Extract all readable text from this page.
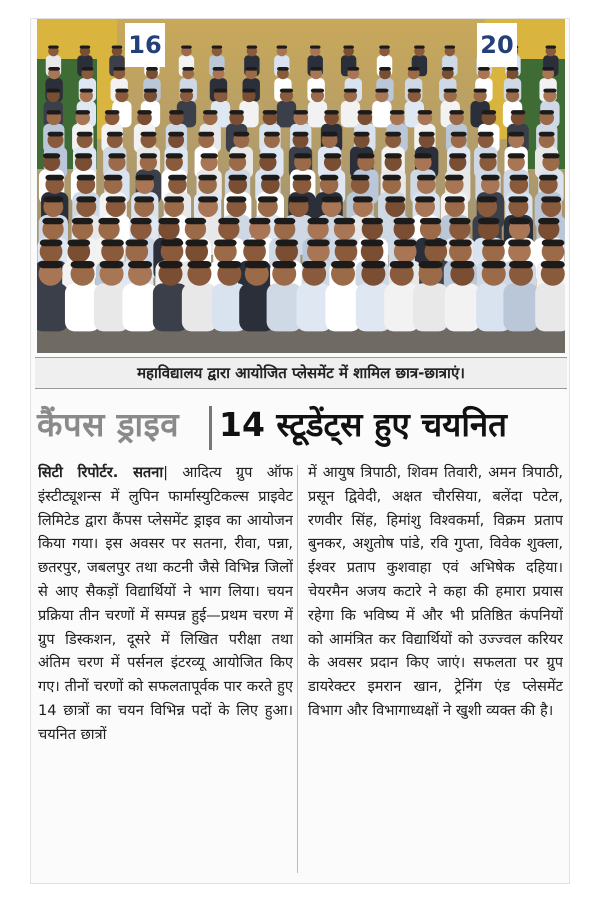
16	20
महाविद्यालय द्वारा आयोजित प्लेसमेंट में शामिल छात्र-छात्राएं।
कैंपस ड्राइव 14 स्टूडेंट्स हुए चयनित
सिटी रिपोर्टर. सतना| आदित्य ग्रुप ऑफ इंस्टीट्यूशन्स में लुपिन फार्मास्युटिकल्स प्राइवेट लिमिटेड द्वारा कैंपस प्लेसमेंट ड्राइव का आयोजन किया गया। इस अवसर पर सतना, रीवा, पन्ना, छतरपुर, जबलपुर तथा कटनी जैसे विभिन्न जिलों से आए सैकड़ों विद्यार्थियों ने भाग लिया। चयन प्रक्रिया तीन चरणों में सम्पन्न हुई—प्रथम चरण में ग्रुप डिस्कशन, दूसरे में लिखित परीक्षा तथा अंतिम चरण में पर्सनल इंटरव्यू आयोजित किए गए। तीनों चरणों को सफलतापूर्वक पार करते हुए 14 छात्रों का चयन विभिन्न पदों के लिए हुआ। चयनित छात्रों
में आयुष त्रिपाठी, शिवम तिवारी, अमन त्रिपाठी, प्रसून द्विवेदी, अक्षत चौरसिया, बलेंदा पटेल, रणवीर सिंह, हिमांशु विश्वकर्मा, विक्रम प्रताप बुनकर, अशुतोष पांडे, रवि गुप्ता, विवेक शुक्ला, ईश्वर प्रताप कुशवाहा एवं अभिषेक दहिया। चेयरमैन अजय कटारे ने कहा की हमारा प्रयास रहेगा कि भविष्य में और भी प्रतिष्ठित कंपनियों को आमंत्रित कर विद्यार्थियों को उज्ज्वल करियर के अवसर प्रदान किए जाएं। सफलता पर ग्रुप डायरेक्टर इमरान खान, ट्रेनिंग एंड प्लेसमेंट विभाग और विभागाध्यक्षों ने खुशी व्यक्त की है।
